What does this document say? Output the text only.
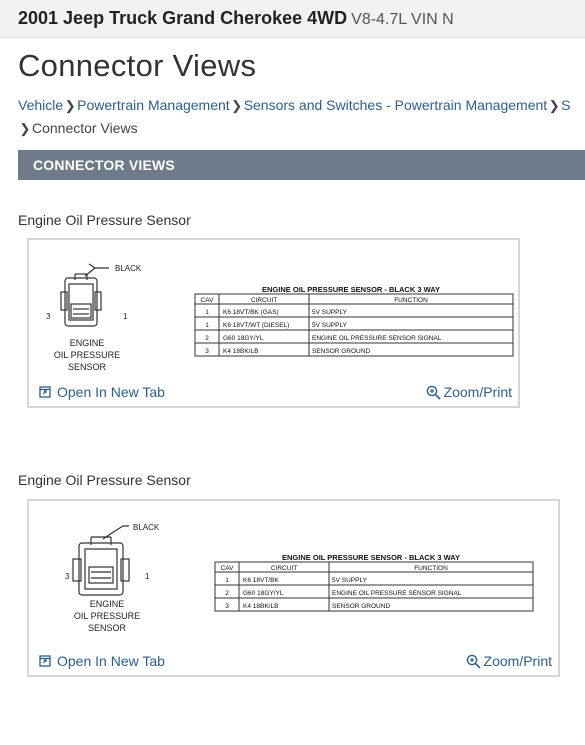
2001 Jeep Truck Grand Cherokee 4WD V8-4.7L VIN N
Connector Views
Vehicle ❯ Powertrain Management ❯ Sensors and Switches - Powertrain Management ❯ S
❯ Connector Views
CONNECTOR VIEWS
Engine Oil Pressure Sensor
BLACK
3	1
ENGINE
OIL PRESSURE
SENSOR
ENGINE OIL PRESSURE SENSOR - BLACK 3 WAY
CAV	CIRCUIT	FUNCTION
1 K6 18VT/BK (GAS)	5V SUPPLY
1 K6 18VT/WT (DIESEL)	5V SUPPLY
2 G60 18GY/YL	ENGINE OIL PRESSURE SENSOR SIGNAL
3 K4 18BK/LB	SENSOR GROUND
Open In New Tab	Zoom/Print
Engine Oil Pressure Sensor
BLACK
3	1
ENGINE
OIL PRESSURE
SENSOR
ENGINE OIL PRESSURE SENSOR - BLACK 3 WAY
CAV	CIRCUIT	FUNCTION
1 K6 18VT/BK	5V SUPPLY
2 G60 18GY/YL	ENGINE OIL PRESSURE SENSOR SIGNAL
3 K4 18BK/LB	SENSOR GROUND
Open In New Tab	Zoom/Print
